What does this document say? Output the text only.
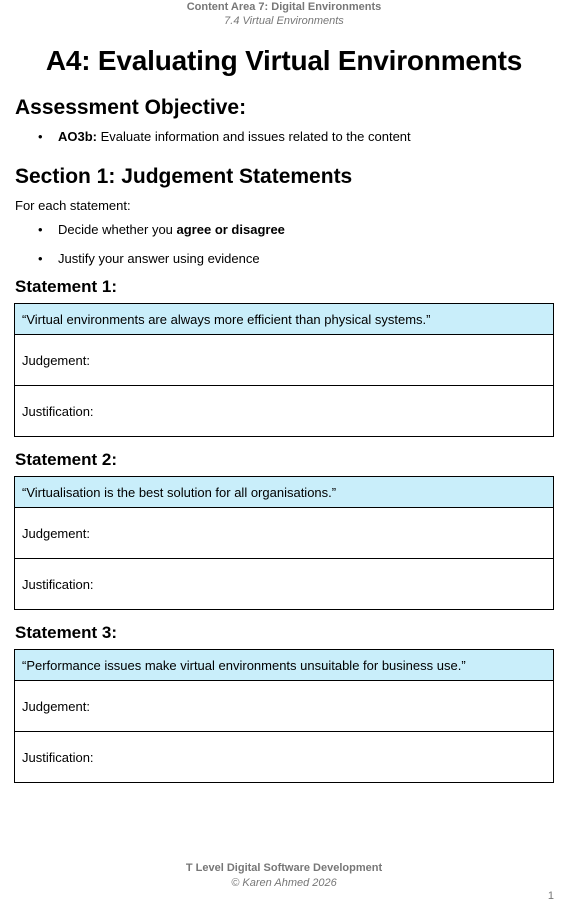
Content Area 7: Digital Environments
7.4 Virtual Environments
A4: Evaluating Virtual Environments
Assessment Objective:
• AO3b: Evaluate information and issues related to the content
Section 1: Judgement Statements

For each statement:

• Decide whether you agree or disagree
• Justify your answer using evidence
Statement 1:
“Virtual environments are always more efficient than physical systems.”
Judgement:
Justification:
Statement 2:
“Virtualisation is the best solution for all organisations.”
Judgement:
Justification:
Statement 3:
“Performance issues make virtual environments unsuitable for business use.”
Judgement:
Justification:
T Level Digital Software Development
© Karen Ahmed 2026
1
